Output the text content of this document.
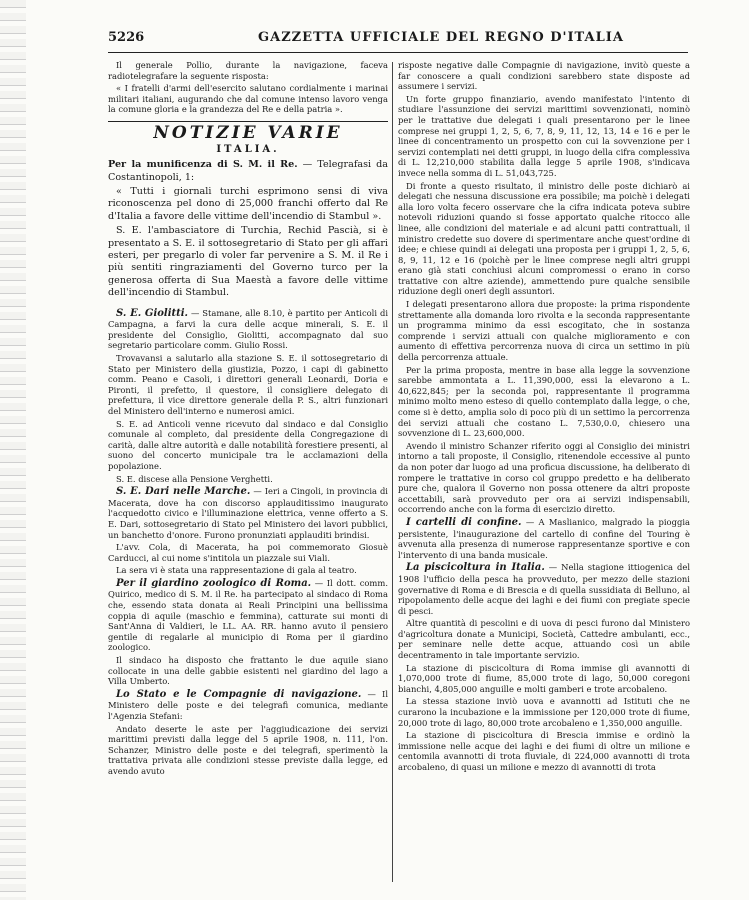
5226	GAZZETTA UFFICIALE DEL REGNO D'ITALIA

Il generale Pollio, durante la navigazione, faceva radiotelegrafare la seguente risposta:

« I fratelli d'armi dell'esercito salutano cordialmente i marinai militari italiani, augurando che dal comune intenso lavoro venga la comune gloria e la grandezza del Re e della patria ».

NOTIZIE VARIE
ITALIA.

Per la munificenza di S. M. il Re. — Telegrafasi da Costantinopoli, 1:

« Tutti i giornali turchi esprimono sensi di viva riconoscenza pel dono di 25,000 franchi offerto dal Re d'Italia a favore delle vittime dell'incendio di Stambul ».

S. E. l'ambasciatore di Turchia, Rechid Pascià, si è presentato a S. E. il sottosegretario di Stato per gli affari esteri, per pregarlo di voler far pervenire a S. M. il Re i più sentiti ringraziamenti del Governo turco per la generosa offerta di Sua Maestà a favore delle vittime dell'incendio di Stambul.

S. E. Giolitti. — Stamane, alle 8.10, è partito per Anticoli di Campagna, a farvi la cura delle acque minerali, S. E. il presidente del Consiglio, Giolitti, accompagnato dal suo segretario particolare comm. Giulio Rossi.

Trovavansi a salutarlo alla stazione S. E. il sottosegretario di Stato per Ministero della giustizia, Pozzo, i capi di gabinetto comm. Peano e Casoli, i direttori generali Leonardi, Doria e Pironti, il prefetto, il questore, il consigliere delegato di prefettura, il vice direttore generale della P. S., altri funzionari del Ministero dell'interno e numerosi amici.

S. E. ad Anticoli venne ricevuto dal sindaco e dal Consiglio comunale al completo, dal presidente della Congregazione di carità, dalle altre autorità e dalle notabilità forestiere presenti, al suono del concerto municipale tra le acclamazioni della popolazione.

S. E. discese alla Pensione Verghetti.

S. E. Dari nelle Marche. — Ieri a Cingoli, in provincia di Macerata, dove ha con discorso applauditissimo inaugurato l'acquedotto civico e l'illuminazione elettrica, venne offerto a S. E. Dari, sottosegretario di Stato pel Ministero dei lavori pubblici, un banchetto d'onore. Furono pronunziati applauditi brindisi.

L'avv. Cola, di Macerata, ha poi commemorato Giosuè Carducci, al cui nome s'intitola un piazzale sui Viali.

La sera vi è stata una rappresentazione di gala al teatro.

Per il giardino zoologico di Roma. — Il dott. comm. Quirico, medico di S. M. il Re. ha partecipato al sindaco di Roma che, essendo stata donata ai Reali Principini una bellissima coppia di aquile (maschio e femmina), catturate sui monti di Sant'Anna di Valdieri, le LL. AA. RR. hanno avuto il pensiero gentile di regalarle al municipio di Roma per il giardino zoologico.

Il sindaco ha disposto che frattanto le due aquile siano collocate in una delle gabbie esistenti nel giardino del lago a Villa Umberto.

Lo Stato e le Compagnie di navigazione. — Il Ministero delle poste e dei telegrafi comunica, mediante l'Agenzia Stefani:

Andato deserte le aste per l'aggiudicazione dei servizi marittimi previsti dalla legge del 5 aprile 1908, n. 111, l'on. Schanzer, Ministro delle poste e dei telegrafi, sperimentò la trattativa privata alle condizioni stesse previste dalla legge, ed avendo avuto

risposte negative dalle Compagnie di navigazione, invitò queste a far conoscere a quali condizioni sarebbero state disposte ad assumere i servizi.

Un forte gruppo finanziario, avendo manifestato l'intento di studiare l'assunzione dei servizi marittimi sovvenzionati, nominò per le trattative due delegati i quali presentarono per le linee comprese nei gruppi 1, 2, 5, 6, 7, 8, 9, 11, 12, 13, 14 e 16 e per le linee di concentramento un prospetto con cui la sovvenzione per i servizi contemplati nei detti gruppi, in luogo della cifra complessiva di L. 12,210,000 stabilita dalla legge 5 aprile 1908, s'indicava invece nella somma di L. 51,043,725.

Di fronte a questo risultato, il ministro delle poste dichiarò ai delegati che nessuna discussione era possibile; ma poichè i delegati alla loro volta fecero osservare che la cifra indicata poteva subire notevoli riduzioni quando si fosse apportato qualche ritocco alle linee, alle condizioni del materiale e ad alcuni patti contrattuali, il ministro credette suo dovere di sperimentare anche quest'ordine di idee; e chiese quindi ai delegati una proposta per i gruppi 1, 2, 5, 6, 8, 9, 11, 12 e 16 (poichè per le linee comprese negli altri gruppi erano già stati conchiusi alcuni compromessi o erano in corso trattative con altre aziende), ammettendo pure qualche sensibile riduzione degli oneri degli assuntori.

I delegati presentarono allora due proposte: la prima rispondente strettamente alla domanda loro rivolta e la seconda rappresentante un programma minimo da essi escogitato, che in sostanza comprende i servizi attuali con qualche miglioramento e con aumento di effettiva percorrenza nuova di circa un settimo in più della percorrenza attuale.

Per la prima proposta, mentre in base alla legge la sovvenzione sarebbe ammontata a L. 11,390,000, essi la elevarono a L. 40,622,845; per la seconda poi, rappresentante il programma minimo molto meno esteso di quello contemplato dalla legge, o che, come si è detto, amplia solo di poco più di un settimo la percorrenza dei servizi attuali che costano L. 7,530,0.0, chiesero una sovvenzione di L. 23,600,000.

Avendo il ministro Schanzer riferito oggi al Consiglio dei ministri intorno a tali proposte, il Consiglio, ritenendole eccessive al punto da non poter dar luogo ad una proficua discussione, ha deliberato di rompere le trattative in corso col gruppo predetto e ha deliberato pure che, qualora il Governo non possa ottenere da altri proposte accettabili, sarà provveduto per ora ai servizi indispensabili, occorrendo anche con la forma di esercizio diretto.

I cartelli di confine. — A Maslianico, malgrado la pioggia persistente, l'inaugurazione del cartello di confine del Touring è avvenuta alla presenza di numerose rappresentanze sportive e con l'intervento di una banda musicale.

La piscicoltura in Italia. — Nella stagione ittiogenica del 1908 l'ufficio della pesca ha provveduto, per mezzo delle stazioni governative di Roma e di Brescia e di quella sussidiata di Belluno, al ripopolamento delle acque dei laghi e dei fiumi con pregiate specie di pesci.

Altre quantità di pescolini e di uova di pesci furono dal Ministero d'agricoltura donate a Municipi, Società, Cattedre ambulanti, ecc., per seminare nelle dette acque, attuando così un abile decentramento in tale importante servizio.

La stazione di piscicoltura di Roma immise gli avannotti di 1,070,000 trote di fiume, 85,000 trote di lago, 50,000 coregoni bianchi, 4,805,000 anguille e molti gamberi e trote arcobaleno.

La stessa stazione inviò uova e avannotti ad Istituti che ne curarono la incubazione e la immissione per 120,000 trote di fiume, 20,000 trote di lago, 80,000 trote arcobaleno e 1,350,000 anguille.

La stazione di piscicoltura di Brescia immise e ordinò la immissione nelle acque dei laghi e dei fiumi di oltre un milione e centomila avannotti di trota fluviale, di 224,000 avannotti di trota arcobaleno, di quasi un milione e mezzo di avannotti di trota
